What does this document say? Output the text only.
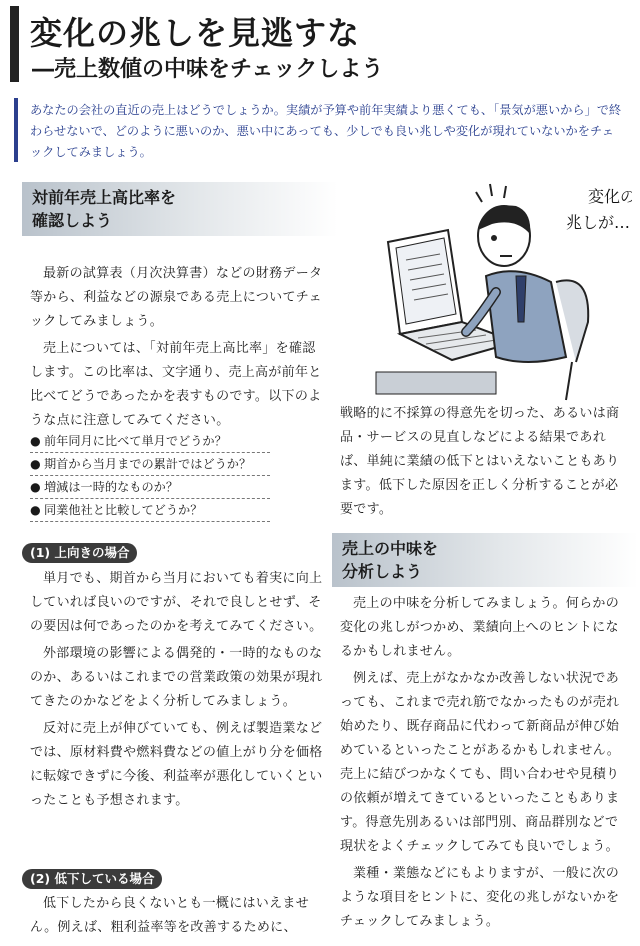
変化の兆しを見逃すな
―売上数値の中味をチェックしよう
あなたの会社の直近の売上はどうでしょうか。実績が予算や前年実績より悪くても、「景気が悪いから」で終わらせないで、どのように悪いのか、悪い中にあっても、少しでも良い兆しや変化が現れていないかをチェックしてみましょう。
対前年売上高比率を
確認しよう

最新の試算表（月次決算書）などの財務データ等から、利益などの源泉である売上についてチェックしてみましょう。

売上については、「対前年売上高比率」を確認します。この比率は、文字通り、売上高が前年と比べてどうであったかを表すものです。以下のような点に注意してみてください。

● 前年同月に比べて単月でどうか？
● 期首から当月までの累計ではどうか？
● 増減は一時的なものか？
● 同業他社と比較してどうか？
(1) 上向きの場合

単月でも、期首から当月においても着実に向上していれば良いのですが、それで良しとせず、その要因は何であったのかを考えてみてください。

外部環境の影響による偶発的・一時的なものなのか、あるいはこれまでの営業政策の効果が現れてきたのかなどをよく分析してみましょう。

反対に売上が伸びていても、例えば製造業などでは、原材料費や燃料費などの値上がり分を価格に転嫁できずに今後、利益率が悪化していくといったことも予想されます。

(2) 低下している場合

低下したから良くないとも一概にはいえません。例えば、粗利益率等を改善するために、

変化の
兆しが…

戦略的に不採算の得意先を切った、あるいは商品・サービスの見直しなどによる結果であれば、単純に業績の低下とはいえないこともあります。低下した原因を正しく分析することが必要です。

売上の中味を
分析しよう

売上の中味を分析してみましょう。何らかの変化の兆しがつかめ、業績向上へのヒントになるかもしれません。

例えば、売上がなかなか改善しない状況であっても、これまで売れ筋でなかったものが売れ始めたり、既存商品に代わって新商品が伸び始めているといったことがあるかもしれません。売上に結びつかなくても、問い合わせや見積りの依頼が増えてきているといったこともあります。得意先別あるいは部門別、商品群別などで現状をよくチェックしてみても良いでしょう。

業種・業態などにもよりますが、一般に次のような項目をヒントに、変化の兆しがないかをチェックしてみましょう。
